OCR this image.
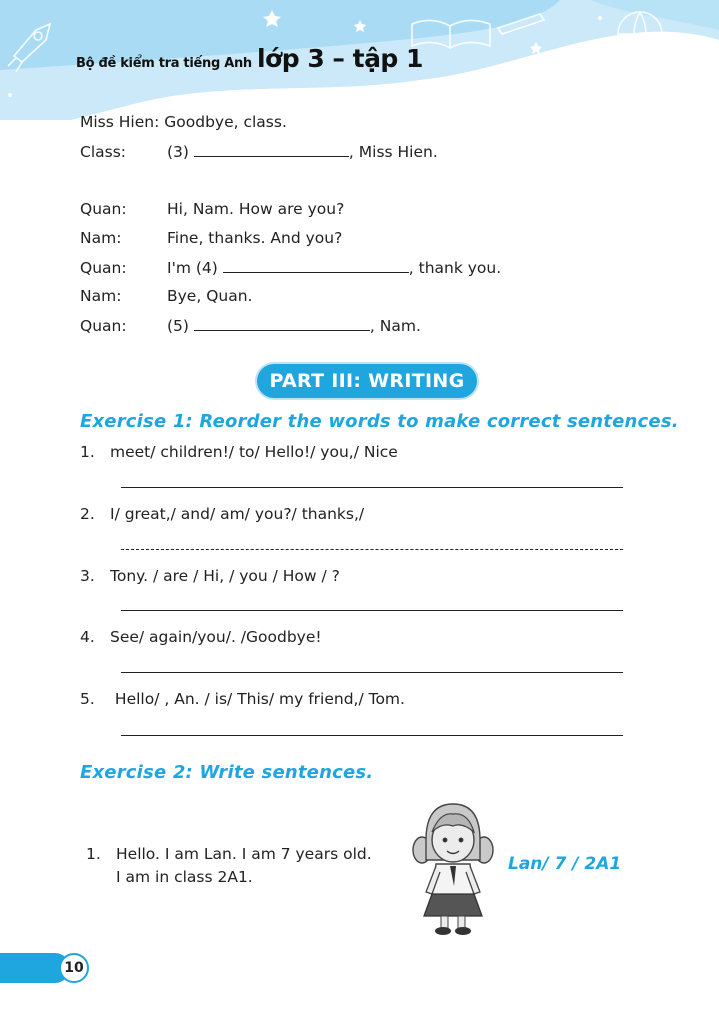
Bộ đề kiểm tra tiếng Anh lớp 3 – tập 1
Miss Hien: Goodbye, class.
Class:	(3)	, Miss Hien.
Quan:	Hi, Nam. How are you?
Nam:	Fine, thanks. And you?
Quan:	I'm (4)	, thank you.
Nam:	Bye, Quan.
Quan:	(5)	, Nam.
PART III: WRITING
Exercise 1: Reorder the words to make correct sentences.
1. meet/ children!/ to/ Hello!/ you,/ Nice
2. I/ great,/ and/ am/ you?/ thanks,/
3. Tony. / are / Hi, / you / How / ?
4. See/ again/you/. /Goodbye!
5. Hello/ , An. / is/ This/ my friend,/ Tom.
Exercise 2: Write sentences.
1. Hello. I am Lan. I am 7 years old.
I am in class 2A1.
Lan/ 7 / 2A1
10
